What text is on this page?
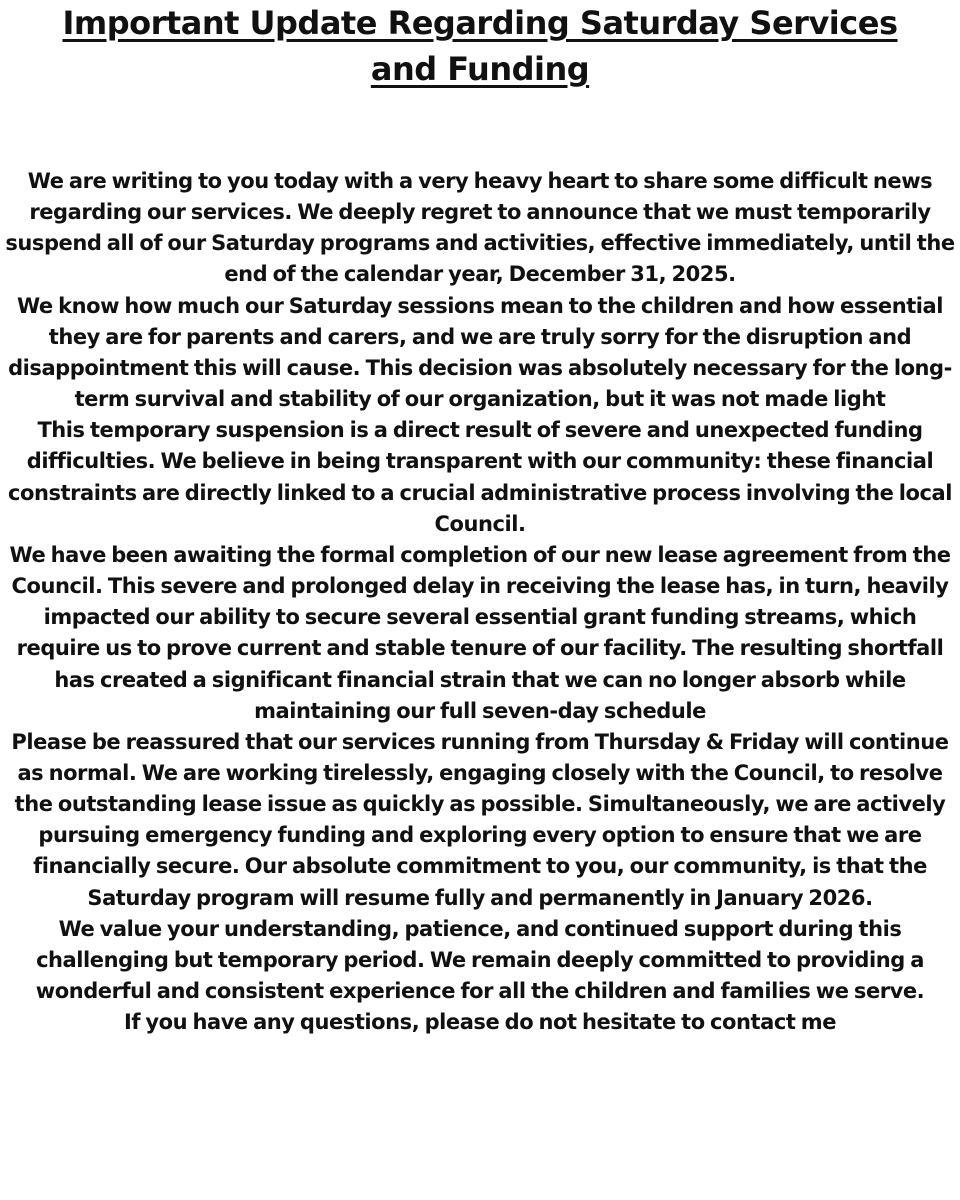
Important Update Regarding Saturday Services and Funding

We are writing to you today with a very heavy heart to share some difficult news regarding our services. We deeply regret to announce that we must temporarily suspend all of our Saturday programs and activities, effective immediately, until the end of the calendar year, December 31, 2025.

We know how much our Saturday sessions mean to the children and how essential they are for parents and carers, and we are truly sorry for the disruption and disappointment this will cause. This decision was absolutely necessary for the long-term survival and stability of our organization, but it was not made light

This temporary suspension is a direct result of severe and unexpected funding difficulties. We believe in being transparent with our community: these financial constraints are directly linked to a crucial administrative process involving the local Council.

We have been awaiting the formal completion of our new lease agreement from the Council. This severe and prolonged delay in receiving the lease has, in turn, heavily impacted our ability to secure several essential grant funding streams, which require us to prove current and stable tenure of our facility. The resulting shortfall has created a significant financial strain that we can no longer absorb while maintaining our full seven-day schedule

Please be reassured that our services running from Thursday & Friday will continue as normal. We are working tirelessly, engaging closely with the Council, to resolve the outstanding lease issue as quickly as possible. Simultaneously, we are actively pursuing emergency funding and exploring every option to ensure that we are financially secure. Our absolute commitment to you, our community, is that the Saturday program will resume fully and permanently in January 2026.

We value your understanding, patience, and continued support during this challenging but temporary period. We remain deeply committed to providing a wonderful and consistent experience for all the children and families we serve.

If you have any questions, please do not hesitate to contact me
